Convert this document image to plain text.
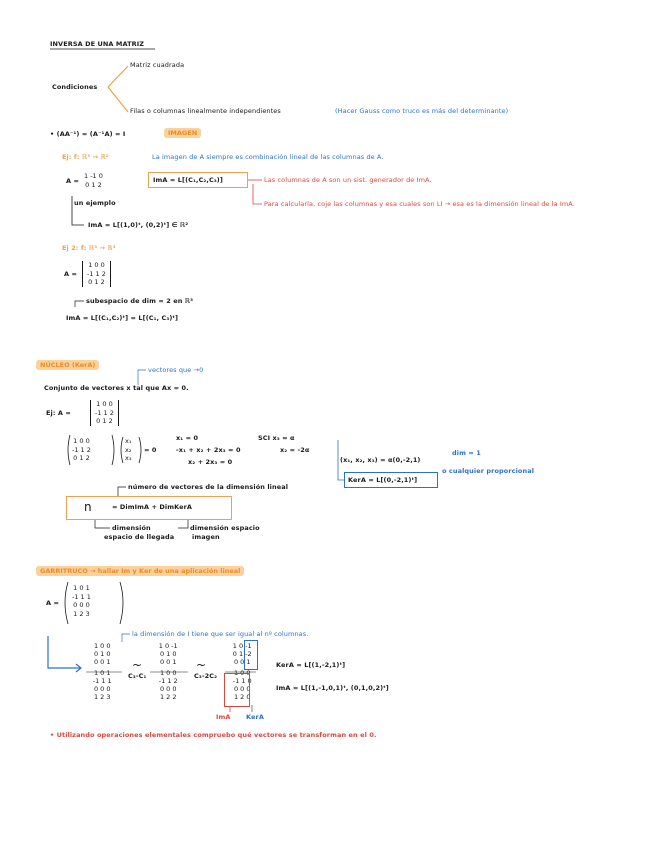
INVERSA DE UNA MATRIZ
Condiciones
Matriz cuadrada
Filas o columnas linealmente independientes	(Hacer Gauss como truco es más del determinante)
• (AA⁻¹) = (A⁻¹A) = I	IMAGEN
Ej: f: ℝ³ → ℝ²	La imagen de A siempre es combinación lineal de las columnas de A.
A =
1 -1 0
0 1 2
ImA = L[(C₁,C₂,C₃)]	Las columnas de A son un sist. generador de ImA.
Para calcularla, coje las columnas y esa cuales son LI → esa es la dimensión lineal de la ImA.
un ejemplo
ImA = L[(1,0)ᵗ, (0,2)ᵗ] ∈ ℝ²
Ej 2: f: ℝ³ → ℝ³
A =
1 0 0
-1 1 2
0 1 2
subespacio de dim = 2 en ℝ³
ImA = L[(C₁,C₂)ᵗ] = L[(C₁, C₃)ᵗ]
NÚCLEO (KerA)
vectores que →0
Conjunto de vectores x tal que Ax = 0.
Ej: A =
1 0 0
-1 1 2
0 1 2
1 0 0
-1 1 2
0 1 2
x₁
x₂
x₃
= 0
x₁ = 0
-x₁ + x₂ + 2x₃ = 0
x₂ + 2x₃ = 0
SCI x₃ = α
x₂ = -2α
(x₁, x₂, x₃) = α(0,-2,1)
KerA = L[(0,-2,1)ᵗ]
dim = 1
o cualquier proporcional
número de vectores de la dimensión lineal
n	= DimImA + DimKerA
dimensión
espacio de llegada
dimensión espacio
imagen
GARRITRUCO → hallar Im y Ker de una aplicación lineal
A =
1 0 1
-1 1 1
0 0 0
1 2 3
la dimensión de I tiene que ser igual al nº columnas.
1 0 0
0 1 0
0 0 1
1 0 1
-1 1 1
0 0 0
1 2 3
~
C₃-C₁
1 0 -1
0 1 0
0 0 1
1 0 0
-1 1 2
0 0 0
1 2 2
~
C₃-2C₂
1 0 -1
0 1 -2
0 0 1
1 0 0
-1 1 0
0 0 0
1 2 0
ImA KerA
KerA = L[(1,-2,1)ᵗ]
ImA = L[(1,-1,0,1)ᵗ, (0,1,0,2)ᵗ]
• Utilizando operaciones elementales compruebo qué vectores se transforman en el 0.
